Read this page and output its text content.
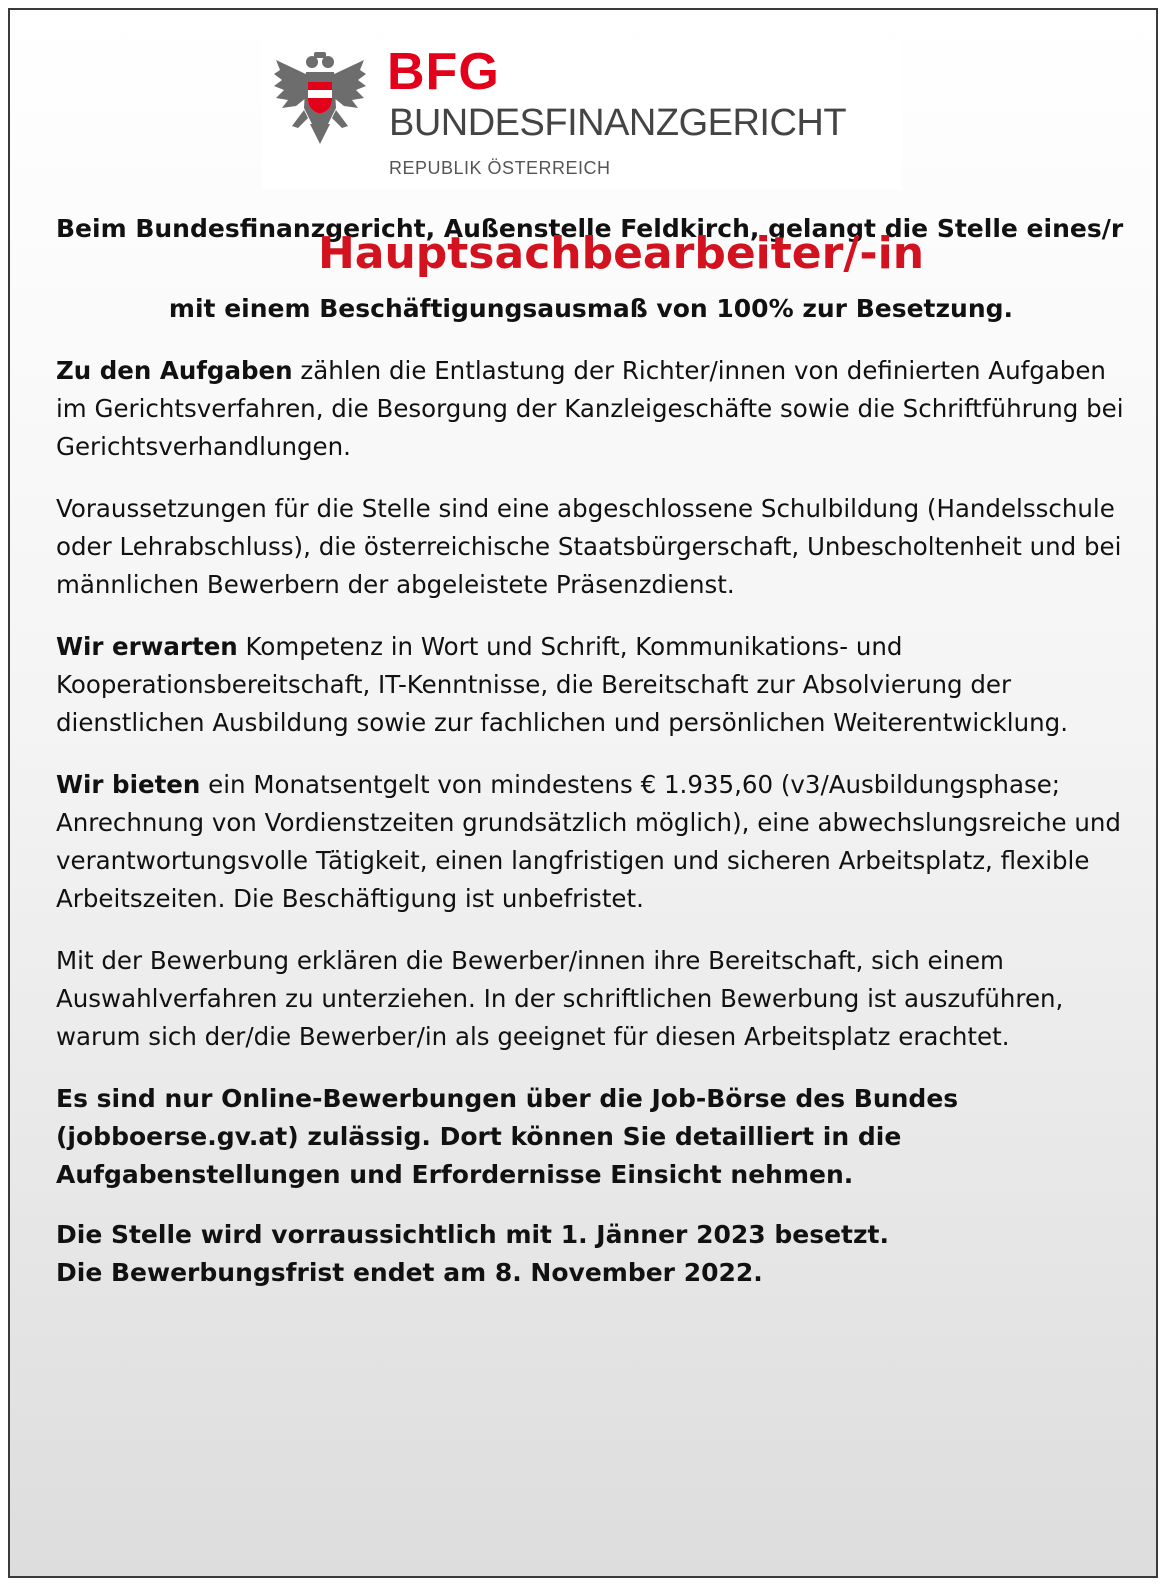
BFG
BUNDESFINANZGERICHT
REPUBLIK ÖSTERREICH

Beim Bundesfinanzgericht, Außenstelle Feldkirch, gelangt die Stelle eines/r

Hauptsachbearbeiter/-in

mit einem Beschäftigungsausmaß von 100% zur Besetzung.

Zu den Aufgaben zählen die Entlastung der Richter/innen von definierten Aufgaben im Gerichtsverfahren, die Besorgung der Kanzleigeschäfte sowie die Schriftführung bei Gerichtsverhandlungen.

Voraussetzungen für die Stelle sind eine abgeschlossene Schulbildung (Handelsschule oder Lehrabschluss), die österreichische Staatsbürgerschaft, Unbescholtenheit und bei männlichen Bewerbern der abgeleistete Präsenzdienst.

Wir erwarten Kompetenz in Wort und Schrift, Kommunikations- und Kooperationsbereitschaft, IT-Kenntnisse, die Bereitschaft zur Absolvierung der dienstlichen Ausbildung sowie zur fachlichen und persönlichen Weiterentwicklung.

Wir bieten ein Monatsentgelt von mindestens € 1.935,60 (v3/Ausbildungsphase; Anrechnung von Vordienstzeiten grundsätzlich möglich), eine abwechslungsreiche und verantwortungsvolle Tätigkeit, einen langfristigen und sicheren Arbeitsplatz, flexible Arbeitszeiten. Die Beschäftigung ist unbefristet.

Mit der Bewerbung erklären die Bewerber/innen ihre Bereitschaft, sich einem Auswahlverfahren zu unterziehen. In der schriftlichen Bewerbung ist auszuführen, warum sich der/die Bewerber/in als geeignet für diesen Arbeitsplatz erachtet.

Es sind nur Online-Bewerbungen über die Job-Börse des Bundes (jobboerse.gv.at) zulässig. Dort können Sie detailliert in die Aufgabenstellungen und Erfordernisse Einsicht nehmen.

Die Stelle wird vorraussichtlich mit 1. Jänner 2023 besetzt.

Die Bewerbungsfrist endet am 8. November 2022.
